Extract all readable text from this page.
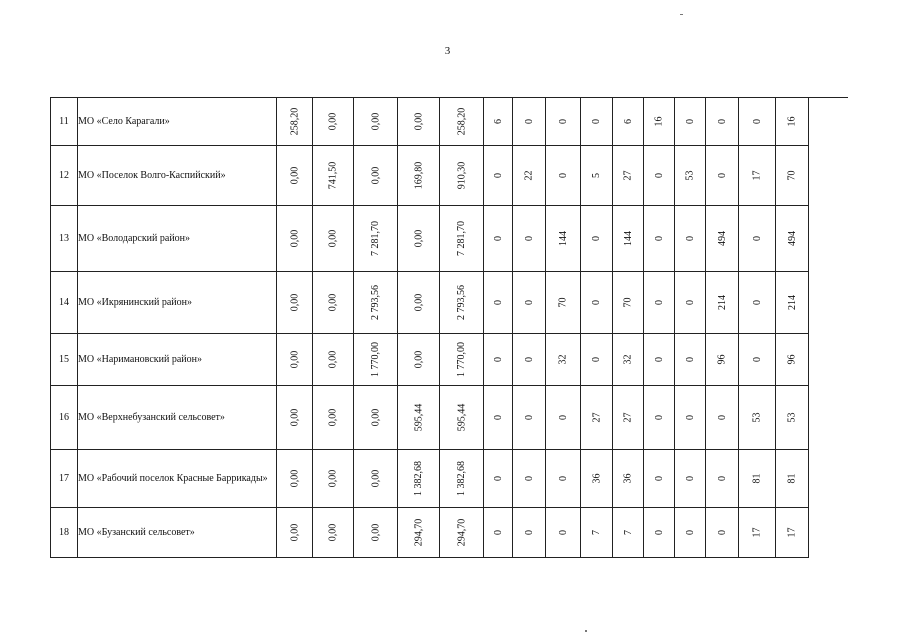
3
11	МО «Село Карагали»	258,20	0,00	0,00	0,00	258,20	6	0	0	0	6	16	0	0	0	16
12	МО «Поселок Волго-Каспийский»	0,00	741,50	0,00	169,80	910,30	0	22	0	5	27	0	53	0	17	70
13	МО «Володарский район»	0,00	0,00	7 281,70	0,00	7 281,70	0	0	144	0	144	0	0	494	0	494
14	МО «Икрянинский район»	0,00	0,00	2 793,56	0,00	2 793,56	0	0	70	0	70	0	0	214	0	214
15	МО «Наримановский район»	0,00	0,00	1 770,00	0,00	1 770,00	0	0	32	0	32	0	0	96	0	96
16	МО «Верхнебузанский сельсовет»	0,00	0,00	0,00	595,44	595,44	0	0	0	27	27	0	0	0	53	53
17	МО «Рабочий поселок Красные Баррикады»	0,00	0,00	0,00	1 382,68	1 382,68	0	0	0	36	36	0	0	0	81	81
18	МО «Бузанский сельсовет»	0,00	0,00	0,00	294,70	294,70	0	0	0	7	7	0	0	0	17	17
